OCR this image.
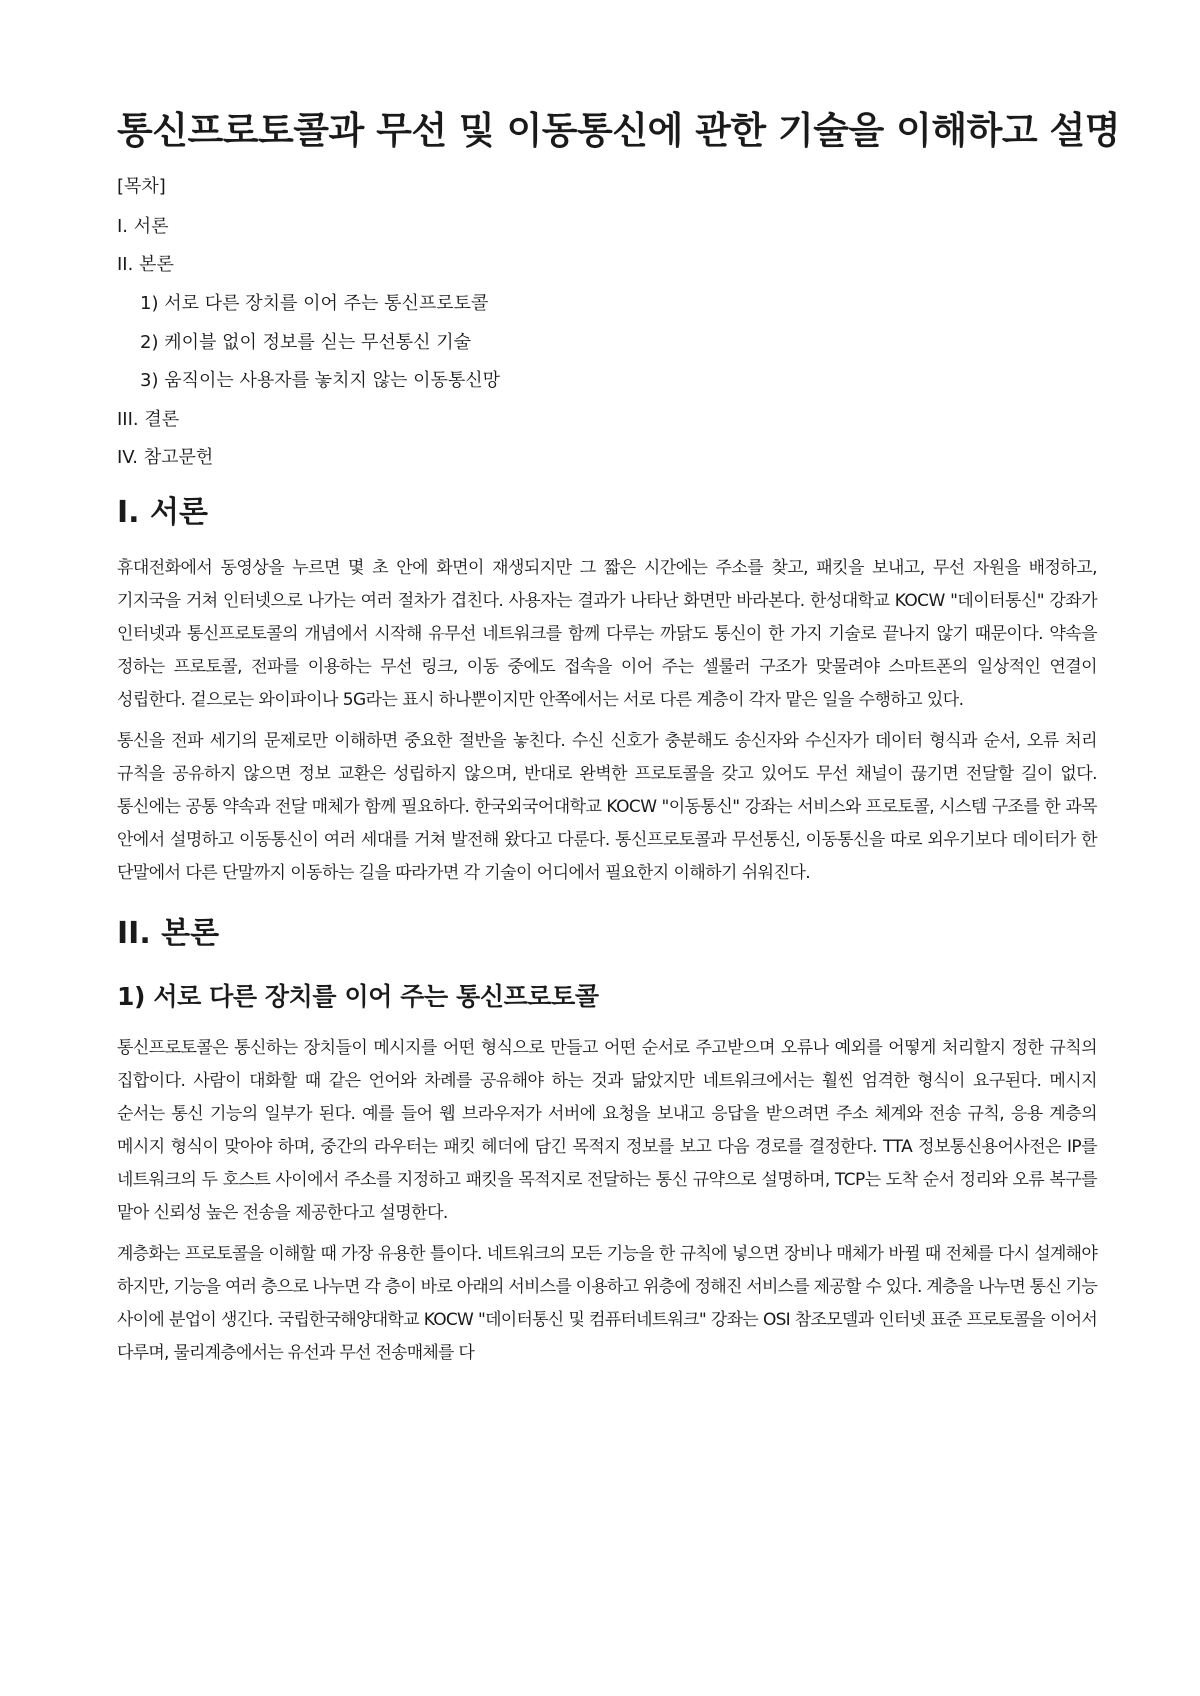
통신프로토콜과 무선 및 이동통신에 관한 기술을 이해하고 설명
[목차]
I. 서론
II. 본론
1) 서로 다른 장치를 이어 주는 통신프로토콜
2) 케이블 없이 정보를 싣는 무선통신 기술
3) 움직이는 사용자를 놓치지 않는 이동통신망
III. 결론
IV. 참고문헌
I. 서론

휴대전화에서 동영상을 누르면 몇 초 안에 화면이 재생되지만 그 짧은 시간에는 주소를 찾고, 패킷을 보내고, 무선 자원을 배정하고, 기지국을 거쳐 인터넷으로 나가는 여러 절차가 겹친다. 사용자는 결과가 나타난 화면만 바라본다. 한성대학교 KOCW "데이터통신" 강좌가 인터넷과 통신프로토콜의 개념에서 시작해 유무선 네트워크를 함께 다루는 까닭도 통신이 한 가지 기술로 끝나지 않기 때문이다. 약속을 정하는 프로토콜, 전파를 이용하는 무선 링크, 이동 중에도 접속을 이어 주는 셀룰러 구조가 맞물려야 스마트폰의 일상적인 연결이 성립한다. 겉으로는 와이파이나 5G라는 표시 하나뿐이지만 안쪽에서는 서로 다른 계층이 각자 맡은 일을 수행하고 있다.

통신을 전파 세기의 문제로만 이해하면 중요한 절반을 놓친다. 수신 신호가 충분해도 송신자와 수신자가 데이터 형식과 순서, 오류 처리 규칙을 공유하지 않으면 정보 교환은 성립하지 않으며, 반대로 완벽한 프로토콜을 갖고 있어도 무선 채널이 끊기면 전달할 길이 없다. 통신에는 공통 약속과 전달 매체가 함께 필요하다. 한국외국어대학교 KOCW "이동통신" 강좌는 서비스와 프로토콜, 시스템 구조를 한 과목 안에서 설명하고 이동통신이 여러 세대를 거쳐 발전해 왔다고 다룬다. 통신프로토콜과 무선통신, 이동통신을 따로 외우기보다 데이터가 한 단말에서 다른 단말까지 이동하는 길을 따라가면 각 기술이 어디에서 필요한지 이해하기 쉬워진다.

II. 본론
1) 서로 다른 장치를 이어 주는 통신프로토콜

통신프로토콜은 통신하는 장치들이 메시지를 어떤 형식으로 만들고 어떤 순서로 주고받으며 오류나 예외를 어떻게 처리할지 정한 규칙의 집합이다. 사람이 대화할 때 같은 언어와 차례를 공유해야 하는 것과 닮았지만 네트워크에서는 훨씬 엄격한 형식이 요구된다. 메시지 순서는 통신 기능의 일부가 된다. 예를 들어 웹 브라우저가 서버에 요청을 보내고 응답을 받으려면 주소 체계와 전송 규칙, 응용 계층의 메시지 형식이 맞아야 하며, 중간의 라우터는 패킷 헤더에 담긴 목적지 정보를 보고 다음 경로를 결정한다. TTA 정보통신용어사전은 IP를 네트워크의 두 호스트 사이에서 주소를 지정하고 패킷을 목적지로 전달하는 통신 규약으로 설명하며, TCP는 도착 순서 정리와 오류 복구를 맡아 신뢰성 높은 전송을 제공한다고 설명한다.

계층화는 프로토콜을 이해할 때 가장 유용한 틀이다. 네트워크의 모든 기능을 한 규칙에 넣으면 장비나 매체가 바뀔 때 전체를 다시 설계해야 하지만, 기능을 여러 층으로 나누면 각 층이 바로 아래의 서비스를 이용하고 위층에 정해진 서비스를 제공할 수 있다. 계층을 나누면 통신 기능 사이에 분업이 생긴다. 국립한국해양대학교 KOCW "데이터통신 및 컴퓨터네트워크" 강좌는 OSI 참조모델과 인터넷 표준 프로토콜을 이어서 다루며, 물리계층에서는 유선과 무선 전송매체를 다
